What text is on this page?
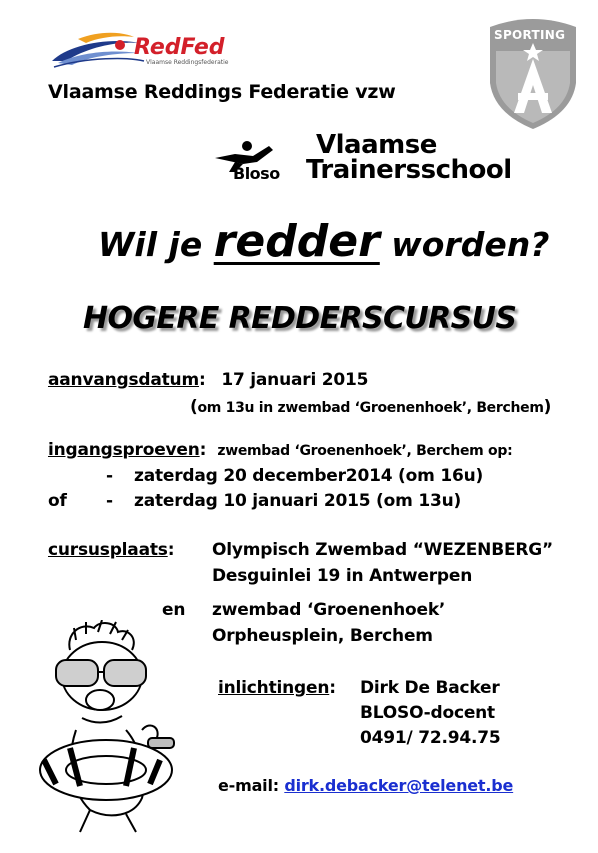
RedFed
Vlaamse Reddingsfederatie
Vlaamse Reddings Federatie vzw
SPORTING
Bloso
Vlaamse
Trainersschool
Wil je redder worden?
HOGERE REDDERSCURSUS
aanvangsdatum: 17 januari 2015
(om 13u in zwembad ‘Groenenhoek’, Berchem)
ingangsproeven: zwembad ‘Groenenhoek’, Berchem op:
- zaterdag 20 december2014 (om 16u)
of - zaterdag 10 januari 2015 (om 13u)
cursusplaats: Olympisch Zwembad “WEZENBERG”
Desguinlei 19 in Antwerpen
en zwembad ‘Groenenhoek’
Orpheusplein, Berchem
inlichtingen: Dirk De Backer
BLOSO-docent
0491/ 72.94.75
e-mail: dirk.debacker@telenet.be
